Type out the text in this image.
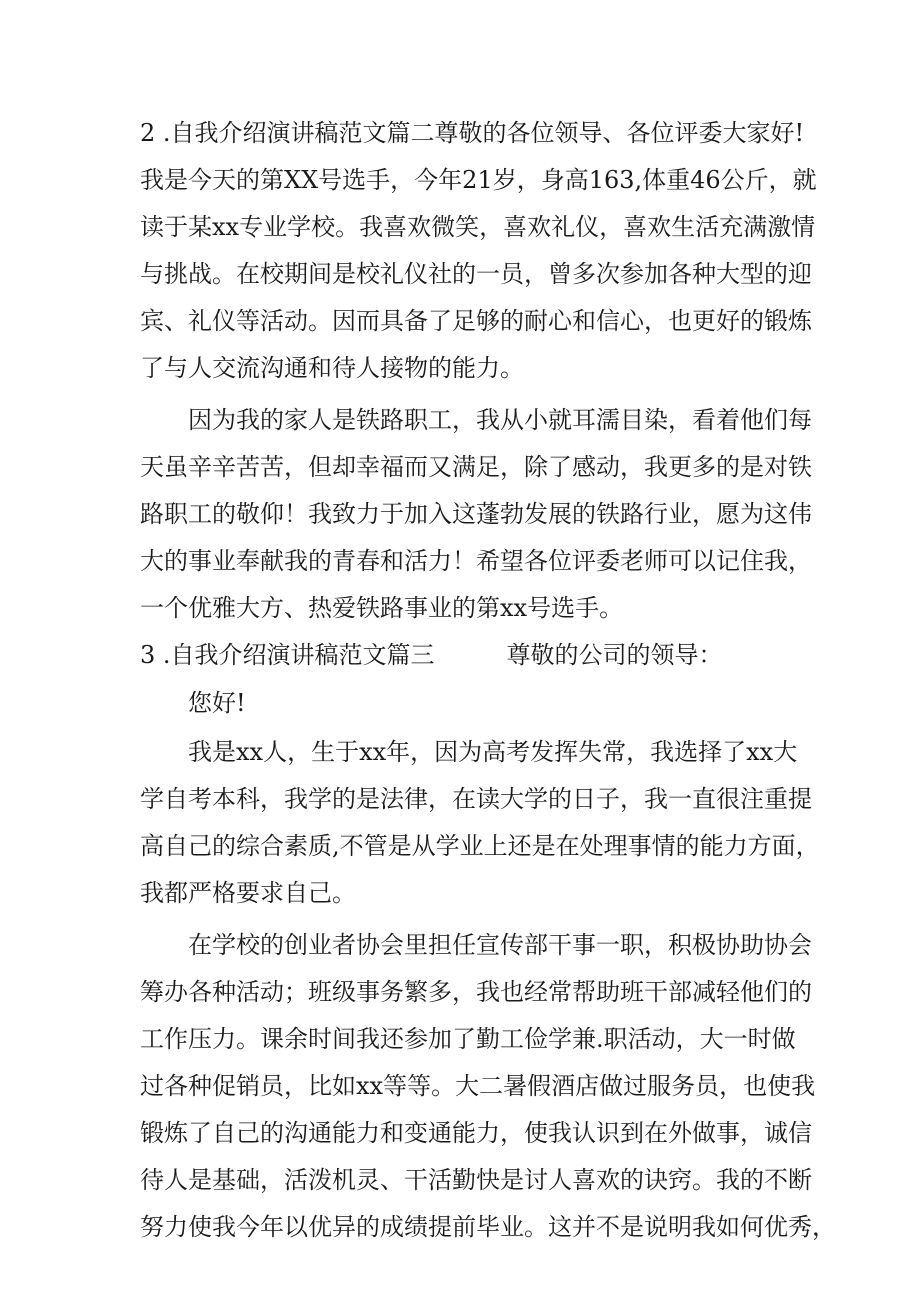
2 .自我介绍演讲稿范文篇二尊敬的各位领导、各位评委大家好!
我是今天的第XX号选手，今年21岁，身高163,体重46公斤，就
读于某xx专业学校。我喜欢微笑，喜欢礼仪，喜欢生活充满激情
与挑战。在校期间是校礼仪社的一员，曾多次参加各种大型的迎
宾、礼仪等活动。因而具备了足够的耐心和信心，也更好的锻炼
了与人交流沟通和待人接物的能力。
因为我的家人是铁路职工，我从小就耳濡目染，看着他们每
天虽辛辛苦苦，但却幸福而又满足，除了感动，我更多的是对铁
路职工的敬仰！我致力于加入这蓬勃发展的铁路行业，愿为这伟
大的事业奉献我的青春和活力！希望各位评委老师可以记住我，
一个优雅大方、热爱铁路事业的第xx号选手。
3 .自我介绍演讲稿范文篇三　　　尊敬的公司的领导：
您好!
我是xx人，生于xx年，因为高考发挥失常，我选择了xx大
学自考本科，我学的是法律，在读大学的日子，我一直很注重提
高自己的综合素质,不管是从学业上还是在处理事情的能力方面，
我都严格要求自己。
在学校的创业者协会里担任宣传部干事一职，积极协助协会
筹办各种活动；班级事务繁多，我也经常帮助班干部减轻他们的
工作压力。课余时间我还参加了勤工俭学兼.职活动，大一时做
过各种促销员，比如xx等等。大二暑假酒店做过服务员，也使我
锻炼了自己的沟通能力和变通能力，使我认识到在外做事，诚信
待人是基础，活泼机灵、干活勤快是讨人喜欢的诀窍。我的不断
努力使我今年以优异的成绩提前毕业。这并不是说明我如何优秀，
